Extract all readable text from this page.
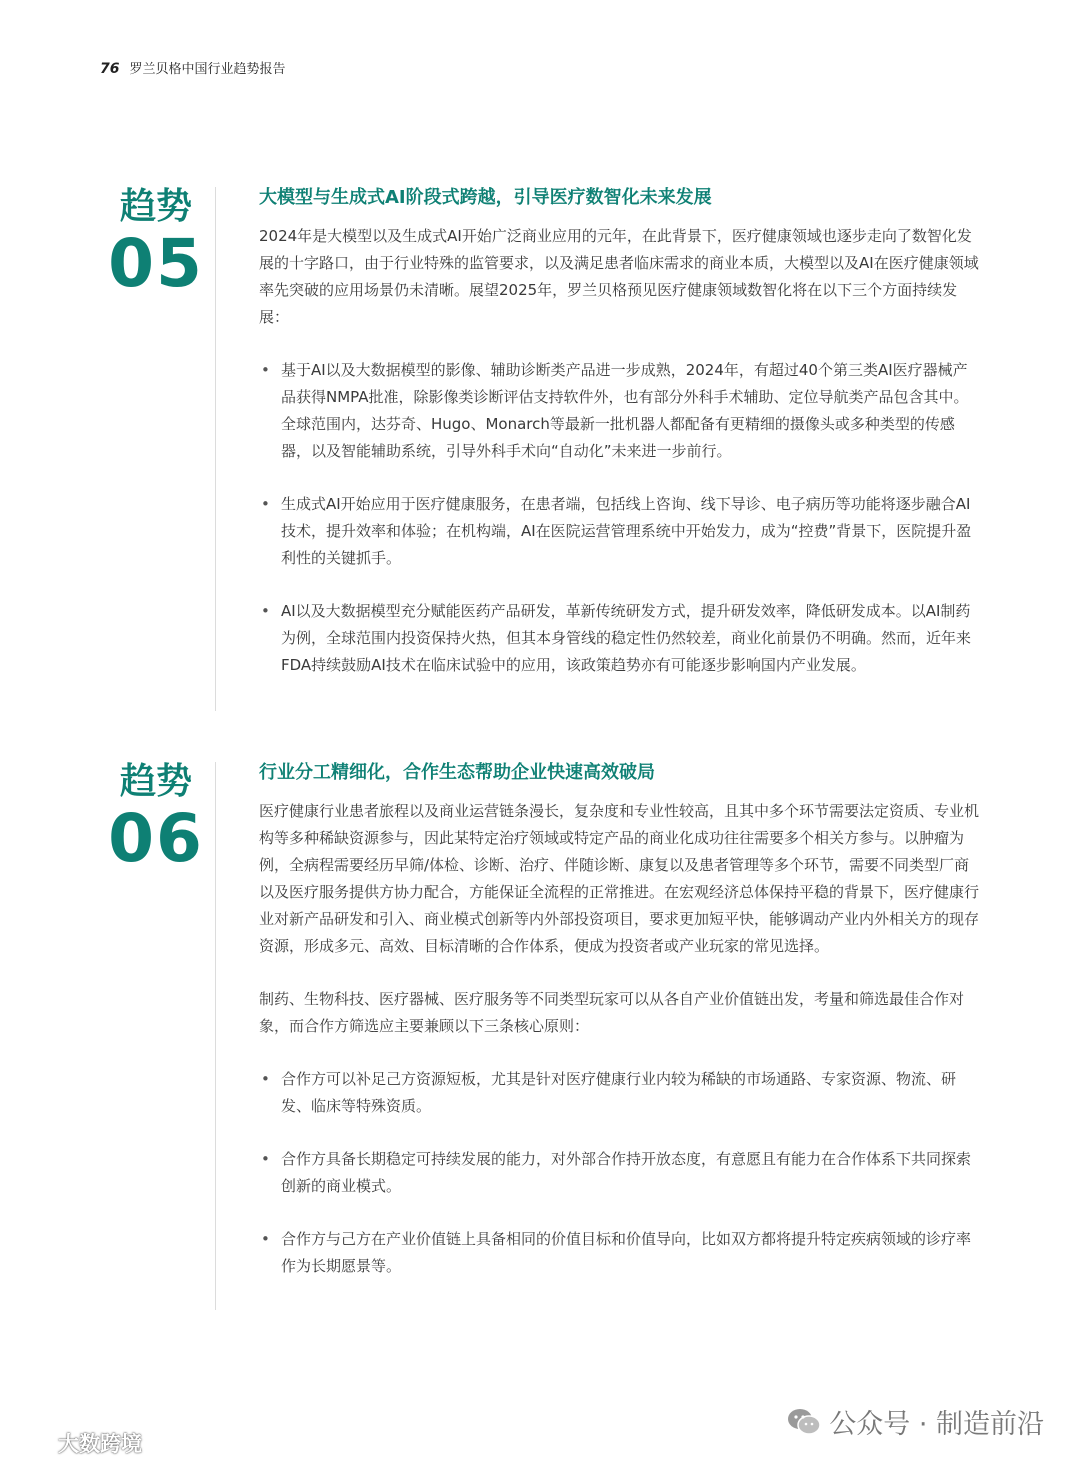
76 罗兰贝格中国行业趋势报告
趋势
05
大模型与生成式AI阶段式跨越，引导医疗数智化未来发展

2024年是大模型以及生成式AI开始广泛商业应用的元年，在此背景下，医疗健康领域也逐步走向了数智化发展的十字路口，由于行业特殊的监管要求，以及满足患者临床需求的商业本质，大模型以及AI在医疗健康领域率先突破的应用场景仍未清晰。展望2025年，罗兰贝格预见医疗健康领域数智化将在以下三个方面持续发展：

• 基于AI以及大数据模型的影像、辅助诊断类产品进一步成熟，2024年，有超过40个第三类AI医疗器械产品获得NMPA批准，除影像类诊断评估支持软件外，也有部分外科手术辅助、定位导航类产品包含其中。全球范围内，达芬奇、Hugo、Monarch等最新一批机器人都配备有更精细的摄像头或多种类型的传感器，以及智能辅助系统，引导外科手术向“自动化”未来进一步前行。
• 生成式AI开始应用于医疗健康服务，在患者端，包括线上咨询、线下导诊、电子病历等功能将逐步融合AI技术，提升效率和体验；在机构端，AI在医院运营管理系统中开始发力，成为“控费”背景下，医院提升盈利性的关键抓手。
• AI以及大数据模型充分赋能医药产品研发，革新传统研发方式，提升研发效率，降低研发成本。以AI制药为例，全球范围内投资保持火热，但其本身管线的稳定性仍然较差，商业化前景仍不明确。然而，近年来FDA持续鼓励AI技术在临床试验中的应用，该政策趋势亦有可能逐步影响国内产业发展。
趋势
06
行业分工精细化，合作生态帮助企业快速高效破局

医疗健康行业患者旅程以及商业运营链条漫长，复杂度和专业性较高，且其中多个环节需要法定资质、专业机构等多种稀缺资源参与，因此某特定治疗领域或特定产品的商业化成功往往需要多个相关方参与。以肿瘤为例，全病程需要经历早筛/体检、诊断、治疗、伴随诊断、康复以及患者管理等多个环节，需要不同类型厂商以及医疗服务提供方协力配合，方能保证全流程的正常推进。在宏观经济总体保持平稳的背景下，医疗健康行业对新产品研发和引入、商业模式创新等内外部投资项目，要求更加短平快，能够调动产业内外相关方的现存资源，形成多元、高效、目标清晰的合作体系，便成为投资者或产业玩家的常见选择。

制药、生物科技、医疗器械、医疗服务等不同类型玩家可以从各自产业价值链出发，考量和筛选最佳合作对象，而合作方筛选应主要兼顾以下三条核心原则：

• 合作方可以补足己方资源短板，尤其是针对医疗健康行业内较为稀缺的市场通路、专家资源、物流、研发、临床等特殊资质。
• 合作方具备长期稳定可持续发展的能力，对外部合作持开放态度，有意愿且有能力在合作体系下共同探索创新的商业模式。
• 合作方与己方在产业价值链上具备相同的价值目标和价值导向，比如双方都将提升特定疾病领域的诊疗率作为长期愿景等。
公众号 · 制造前沿
大数跨境
